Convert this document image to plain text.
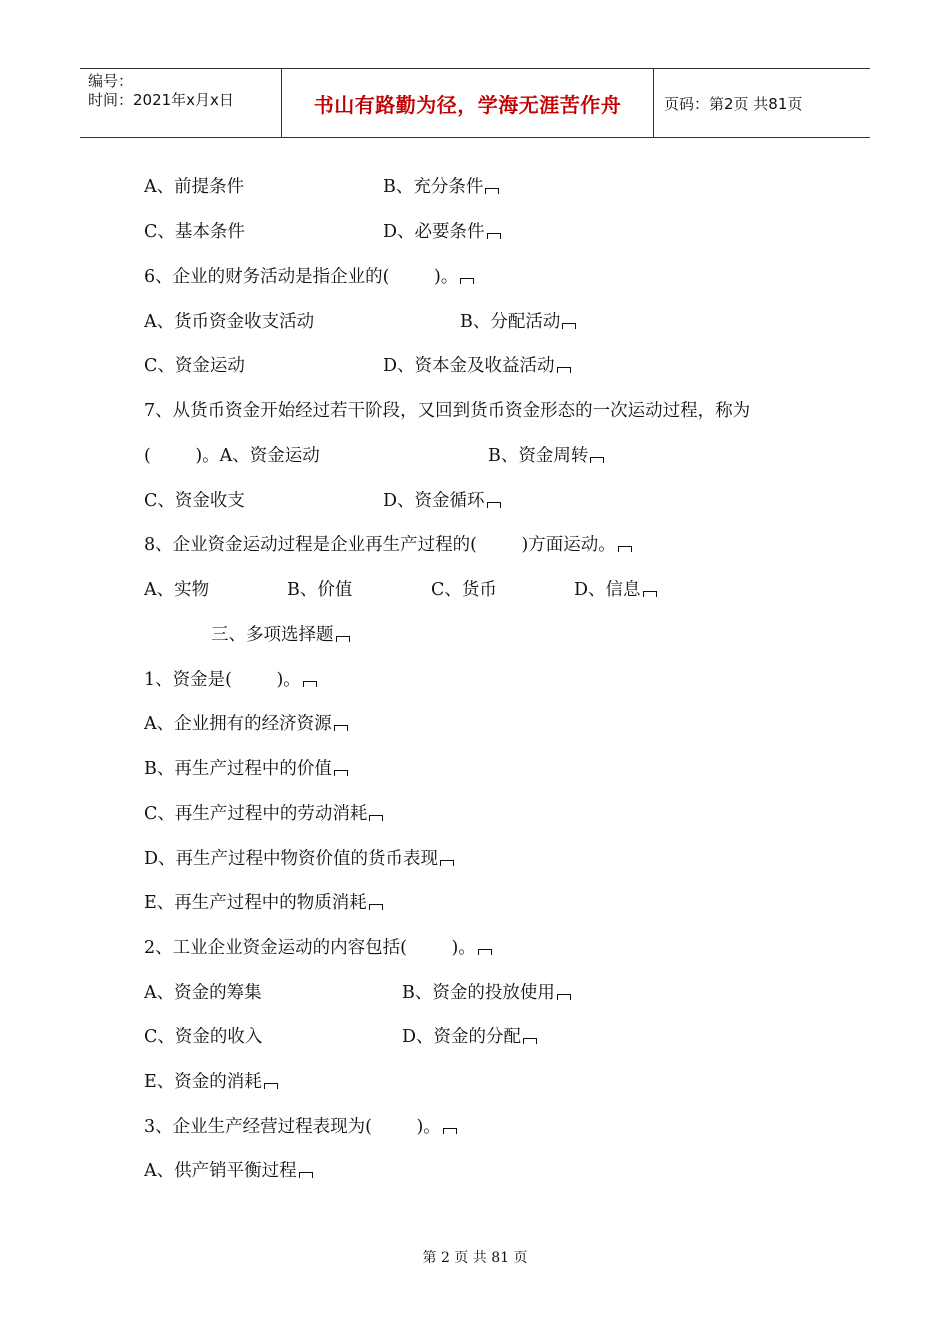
编号：
时间：2021年x月x日	书山有路勤为径，学海无涯苦作舟	页码：第2页 共81页
A、前提条件	B、充分条件
C、基本条件	D、必要条件
6、企业的财务活动是指企业的(        )。
A、货币资金收支活动	B、分配活动
C、资金运动	D、资本金及收益活动
7、从货币资金开始经过若干阶段，又回到货币资金形态的一次运动过程，称为
(        )。A、资金运动	B、资金周转
C、资金收支	D、资金循环
8、企业资金运动过程是企业再生产过程的(        )方面运动。
A、实物	B、价值	C、货币	D、信息
三、多项选择题
1、资金是(        )。
A、企业拥有的经济资源
B、再生产过程中的价值
C、再生产过程中的劳动消耗
D、再生产过程中物资价值的货币表现
E、再生产过程中的物质消耗
2、工业企业资金运动的内容包括(        )。
A、资金的筹集	B、资金的投放使用
C、资金的收入	D、资金的分配
E、资金的消耗
3、企业生产经营过程表现为(        )。
A、供产销平衡过程
第 2 页 共 81 页
